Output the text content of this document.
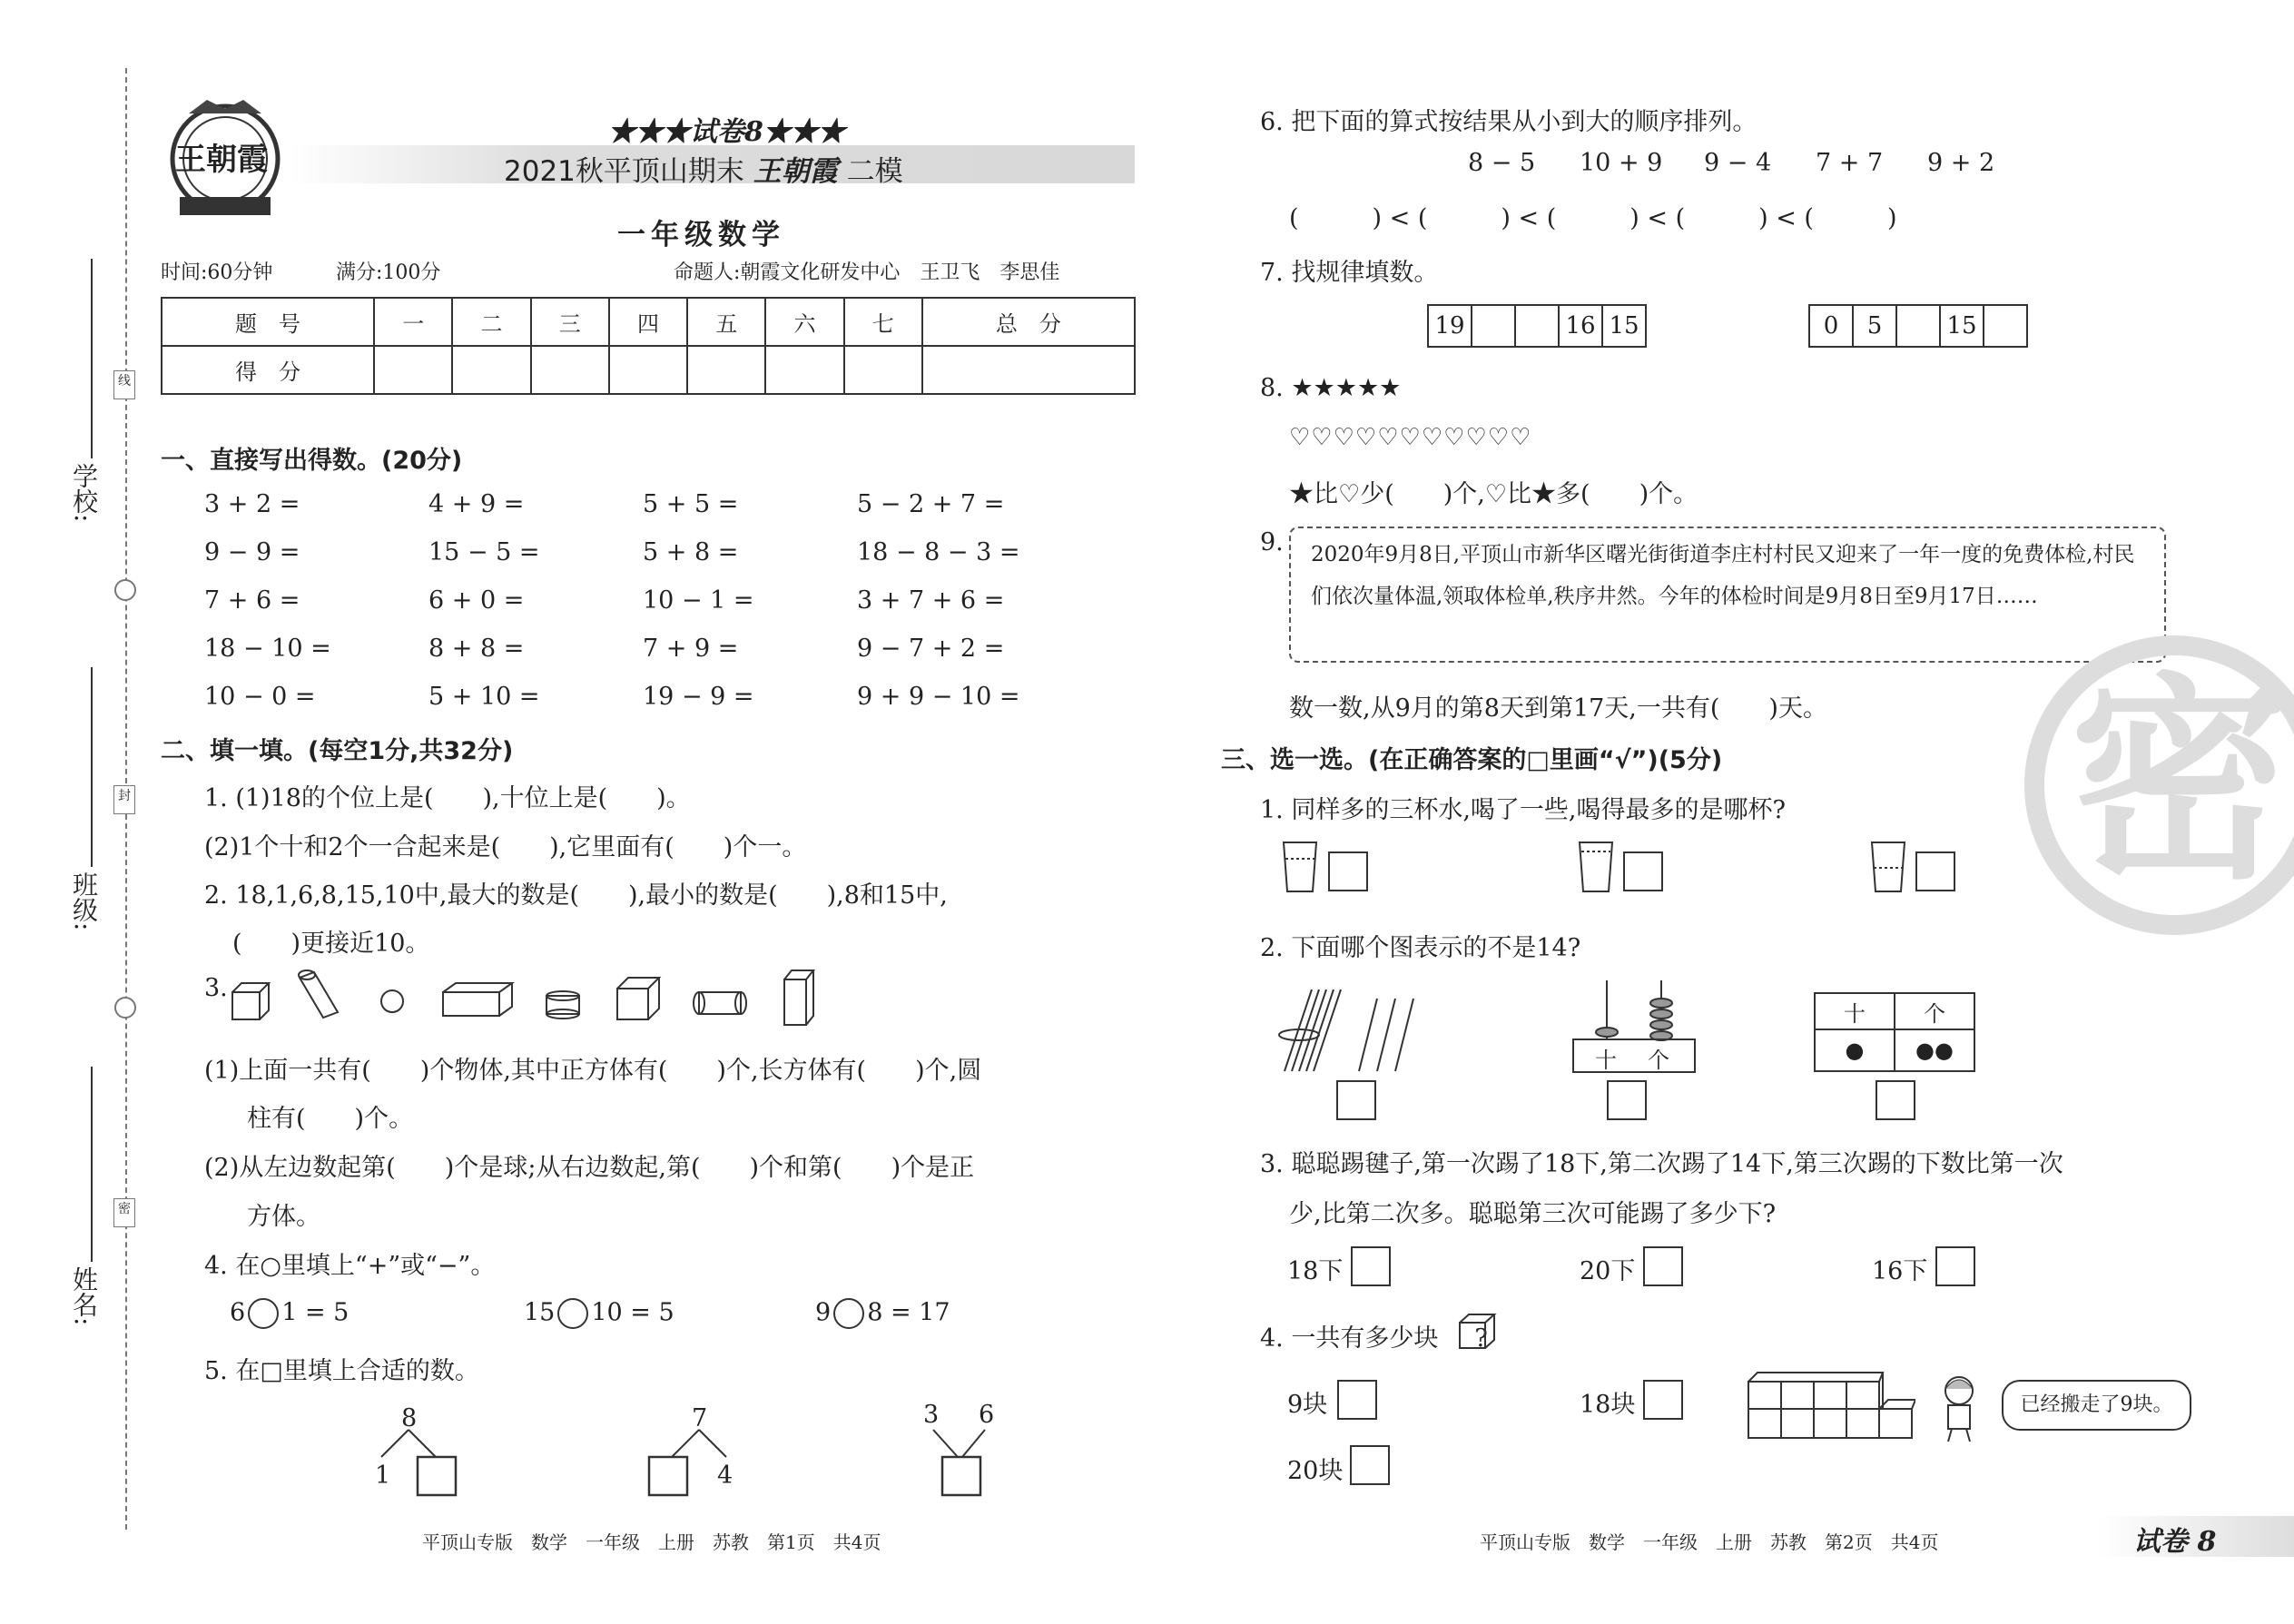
学校:
班级:
姓名:
线
封
密
王朝霞
★★★试卷8★★★
2021秋平顶山期末 王朝霞 二模
一年级数学
时间:60分钟	满分:100分	命题人:朝霞文化研发中心　王卫飞　李思佳
题　号	一	二	三	四	五	六	七	总　分
得　分								
一、直接写出得数。(20分)
3 + 2 =	4 + 9 =	5 + 5 =	5 − 2 + 7 =
9 − 9 =	15 − 5 =	5 + 8 =	18 − 8 − 3 =
7 + 6 =	6 + 0 =	10 − 1 =	3 + 7 + 6 =
18 − 10 =	8 + 8 =	7 + 9 =	9 − 7 + 2 =
10 − 0 =	5 + 10 =	19 − 9 =	9 + 9 − 10 =
二、填一填。(每空1分,共32分)
1. (1)18的个位上是(　　),十位上是(　　)。
(2)1个十和2个一合起来是(　　),它里面有(　　)个一。
2. 18,1,6,8,15,10中,最大的数是(　　),最小的数是(　　),8和15中,
(　　)更接近10。
3.
(1)上面一共有(　　)个物体,其中正方体有(　　)个,长方体有(　　)个,圆
柱有(　　)个。
(2)从左边数起第(　　)个是球;从右边数起,第(　　)个和第(　　)个是正
方体。
4. 在○里填上“+”或“−”。
6 1 = 5	15 10 = 5	9 8 = 17
5. 在□里填上合适的数。
8
1
7
4
3 6
平顶山专版　数学　一年级　上册　苏教　第1页　共4页
6. 把下面的算式按结果从小到大的顺序排列。
8 − 5 10 + 9 9 − 4 7 + 7 9 + 2
(　　　) < (　　　) < (　　　) < (　　　) < (　　　)
7. 找规律填数。
19	16 15	0 5	15
8. ★★★★★
♡♡♡♡♡♡♡♡♡♡♡
★比♡少(　　)个,♡比★多(　　)个。
9.	2020年9月8日,平顶山市新华区曙光街街道李庄村村民又迎来了一年一度的免费体检,村民们依次量体温,领取体检单,秩序井然。今年的体检时间是9月8日至9月17日……
数一数,从9月的第8天到第17天,一共有(　　)天。
三、选一选。(在正确答案的□里画“√”)(5分)
1. 同样多的三杯水,喝了一些,喝得最多的是哪杯?
2. 下面哪个图表示的不是14?
十 个
十	个
●	●●
3. 聪聪踢毽子,第一次踢了18下,第二次踢了14下,第三次踢的下数比第一次
少,比第二次多。聪聪第三次可能踢了多少下?
18下	20下	16下
4. 一共有多少块 ?
9块	18块
20块
已经搬走了9块。
密
平顶山专版　数学　一年级　上册　苏教　第2页　共4页	试卷 8
